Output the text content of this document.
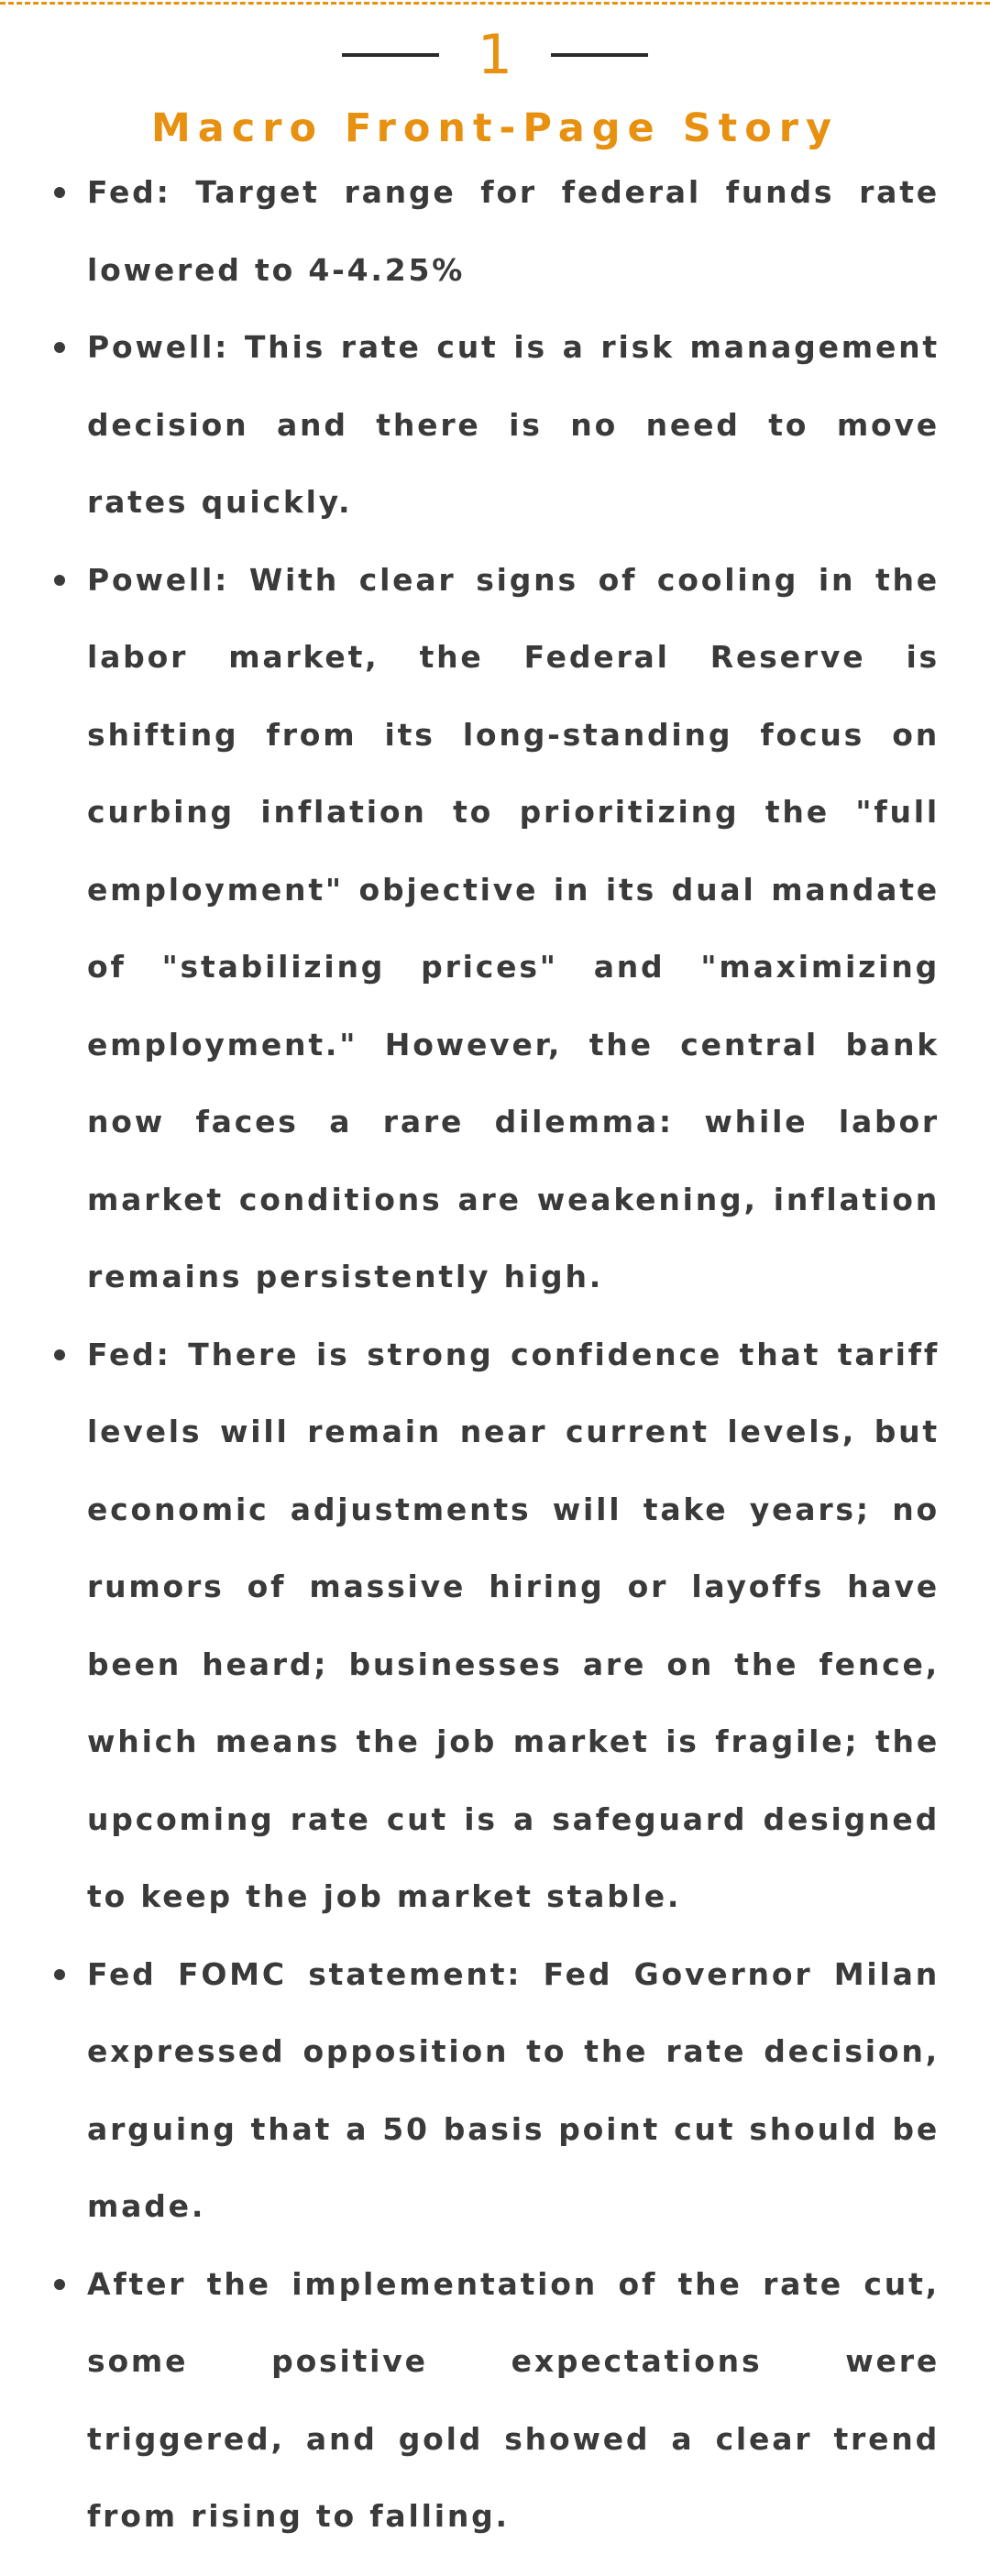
1
Macro Front-Page Story
Fed: Target range for federal funds rate lowered to 4-4.25%
Powell: This rate cut is a risk management decision and there is no need to move rates quickly.
Powell: With clear signs of cooling in the labor market, the Federal Reserve is shifting from its long-standing focus on curbing inflation to prioritizing the "full employment" objective in its dual mandate of "stabilizing prices" and "maximizing employment." However, the central bank now faces a rare dilemma: while labor market conditions are weakening, inflation remains persistently high.
Fed: There is strong confidence that tariff levels will remain near current levels, but economic adjustments will take years; no rumors of massive hiring or layoffs have been heard; businesses are on the fence, which means the job market is fragile; the upcoming rate cut is a safeguard designed to keep the job market stable.
Fed FOMC statement: Fed Governor Milan expressed opposition to the rate decision, arguing that a 50 basis point cut should be made.
After the implementation of the rate cut, some positive expectations were triggered, and gold showed a clear trend from rising to falling.
